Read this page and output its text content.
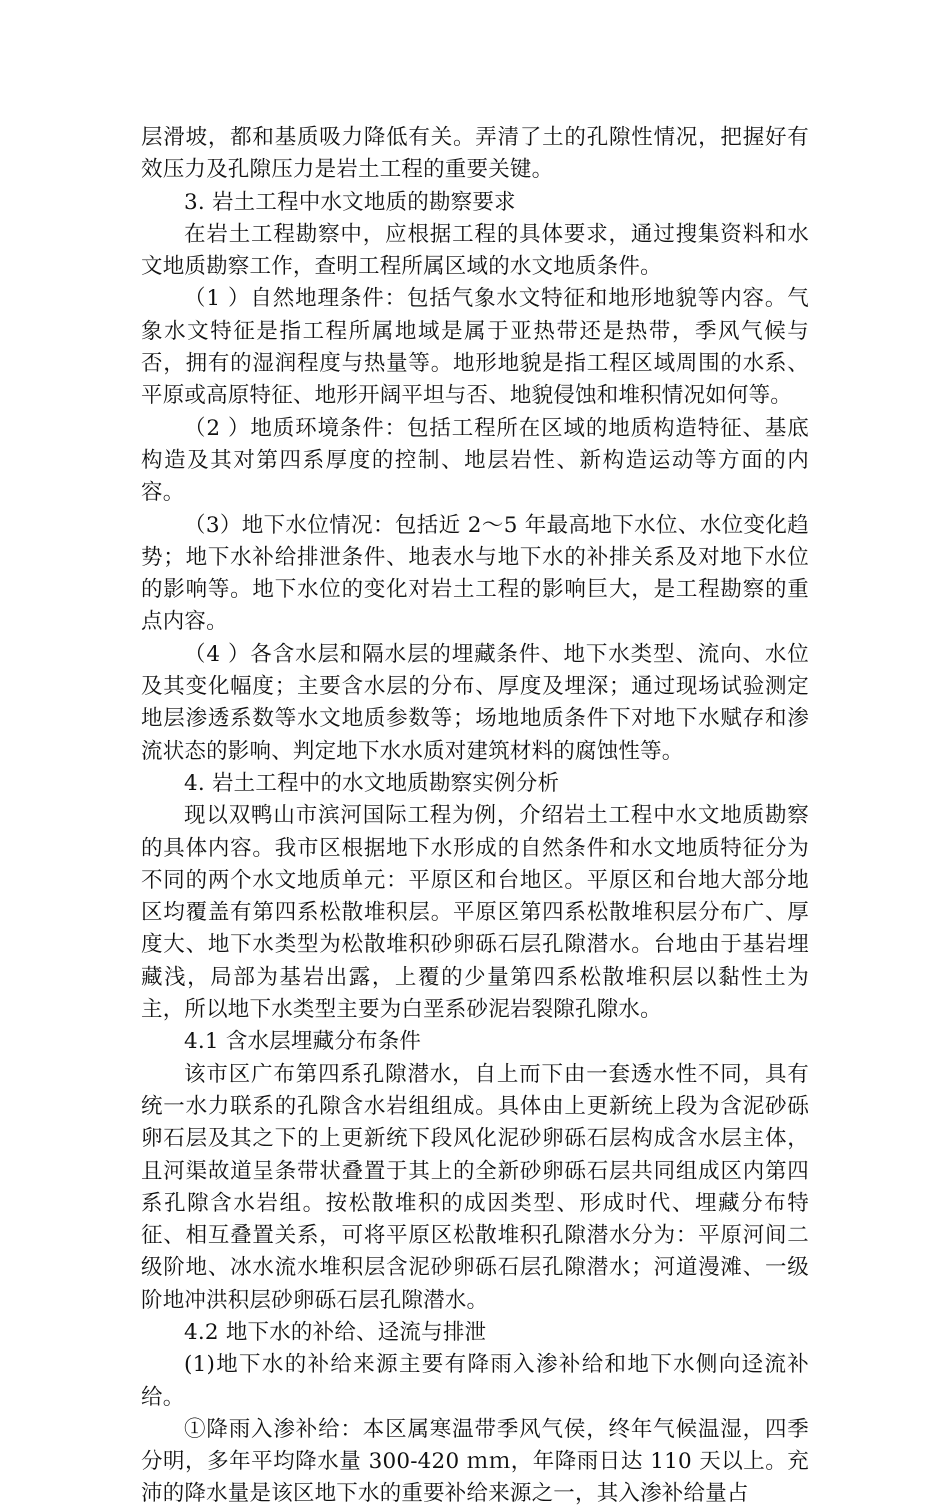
层滑坡，都和基质吸力降低有关。弄清了土的孔隙性情况，把握好有效压力及孔隙压力是岩土工程的重要关键。

3. 岩土工程中水文地质的勘察要求

在岩土工程勘察中，应根据工程的具体要求，通过搜集资料和水文地质勘察工作，查明工程所属区域的水文地质条件。

（1 ）自然地理条件：包括气象水文特征和地形地貌等内容。气象水文特征是指工程所属地域是属于亚热带还是热带，季风气候与否，拥有的湿润程度与热量等。地形地貌是指工程区域周围的水系、平原或高原特征、地形开阔平坦与否、地貌侵蚀和堆积情况如何等。

（2 ）地质环境条件：包括工程所在区域的地质构造特征、基底构造及其对第四系厚度的控制、地层岩性、新构造运动等方面的内容。

（3）地下水位情况：包括近 2～5 年最高地下水位、水位变化趋势；地下水补给排泄条件、地表水与地下水的补排关系及对地下水位的影响等。地下水位的变化对岩土工程的影响巨大，是工程勘察的重点内容。

（4 ）各含水层和隔水层的埋藏条件、地下水类型、流向、水位及其变化幅度；主要含水层的分布、厚度及埋深；通过现场试验测定地层渗透系数等水文地质参数等；场地地质条件下对地下水赋存和渗流状态的影响、判定地下水水质对建筑材料的腐蚀性等。

4. 岩土工程中的水文地质勘察实例分析

现以双鸭山市滨河国际工程为例，介绍岩土工程中水文地质勘察的具体内容。我市区根据地下水形成的自然条件和水文地质特征分为不同的两个水文地质单元：平原区和台地区。平原区和台地大部分地区均覆盖有第四系松散堆积层。平原区第四系松散堆积层分布广、厚度大、地下水类型为松散堆积砂卵砾石层孔隙潜水。台地由于基岩埋藏浅，局部为基岩出露，上覆的少量第四系松散堆积层以黏性土为主，所以地下水类型主要为白垩系砂泥岩裂隙孔隙水。

4.1 含水层埋藏分布条件

该市区广布第四系孔隙潜水，自上而下由一套透水性不同，具有统一水力联系的孔隙含水岩组组成。具体由上更新统上段为含泥砂砾卵石层及其之下的上更新统下段风化泥砂卵砾石层构成含水层主体，且河渠故道呈条带状叠置于其上的全新砂卵砾石层共同组成区内第四系孔隙含水岩组。按松散堆积的成因类型、形成时代、埋藏分布特征、相互叠置关系，可将平原区松散堆积孔隙潜水分为：平原河间二级阶地、冰水流水堆积层含泥砂卵砾石层孔隙潜水；河道漫滩、一级阶地冲洪积层砂卵砾石层孔隙潜水。

4.2 地下水的补给、迳流与排泄

(1)地下水的补给来源主要有降雨入渗补给和地下水侧向迳流补给。

①降雨入渗补给：本区属寒温带季风气侯，终年气候温湿，四季分明，多年平均降水量 300-420 ｍｍ，年降雨日达 110 天以上。充沛的降水量是该区地下水的重要补给来源之一，其入渗补给量占
